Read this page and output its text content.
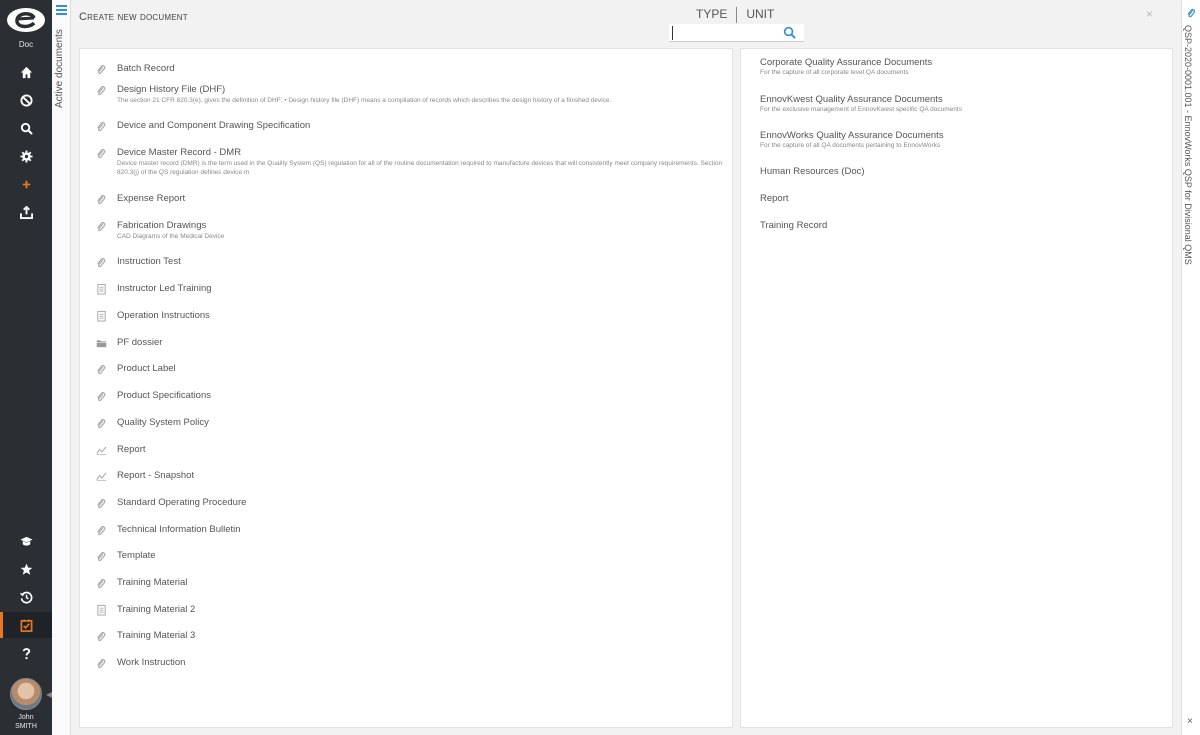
Doc
◀
John
SMITH
Active documents
Create new document	TYPE	UNIT	×
Batch Record
Design History File (DHF)
The section 21 CFR 820.3(e), gives the definition of DHF: • Design history file (DHF) means a compilation of records which describes the design history of a finished device.
Device and Component Drawing Specification
Device Master Record - DMR
Device master record (DMR) is the term used in the Quality System (QS) regulation for all of the routine documentation required to manufacture devices that will consistently meet company requirements. Section 820.3(j) of the QS regulation defines device m
Expense Report
Fabrication Drawings
CAD Diagrams of the Medical Device
Instruction Test
Instructor Led Training
Operation Instructions
PF dossier
Product Label
Product Specifications
Quality System Policy
Report
Report - Snapshot
Standard Operating Procedure
Technical Information Bulletin
Template
Training Material
Training Material 2
Training Material 3
Work Instruction
Corporate Quality Assurance Documents
For the capture of all corporate level QA documents
EnnovKwest Quality Assurance Documents
For the exclusive management of EnnovKwest specific QA documents
EnnovWorks Quality Assurance Documents
For the capture of all QA documents pertaining to EnnovWorks
Human Resources (Doc)
Report
Training Record	QSP-2020-0001.001 - EnnovWorks QSP for Divisional QMS
×
